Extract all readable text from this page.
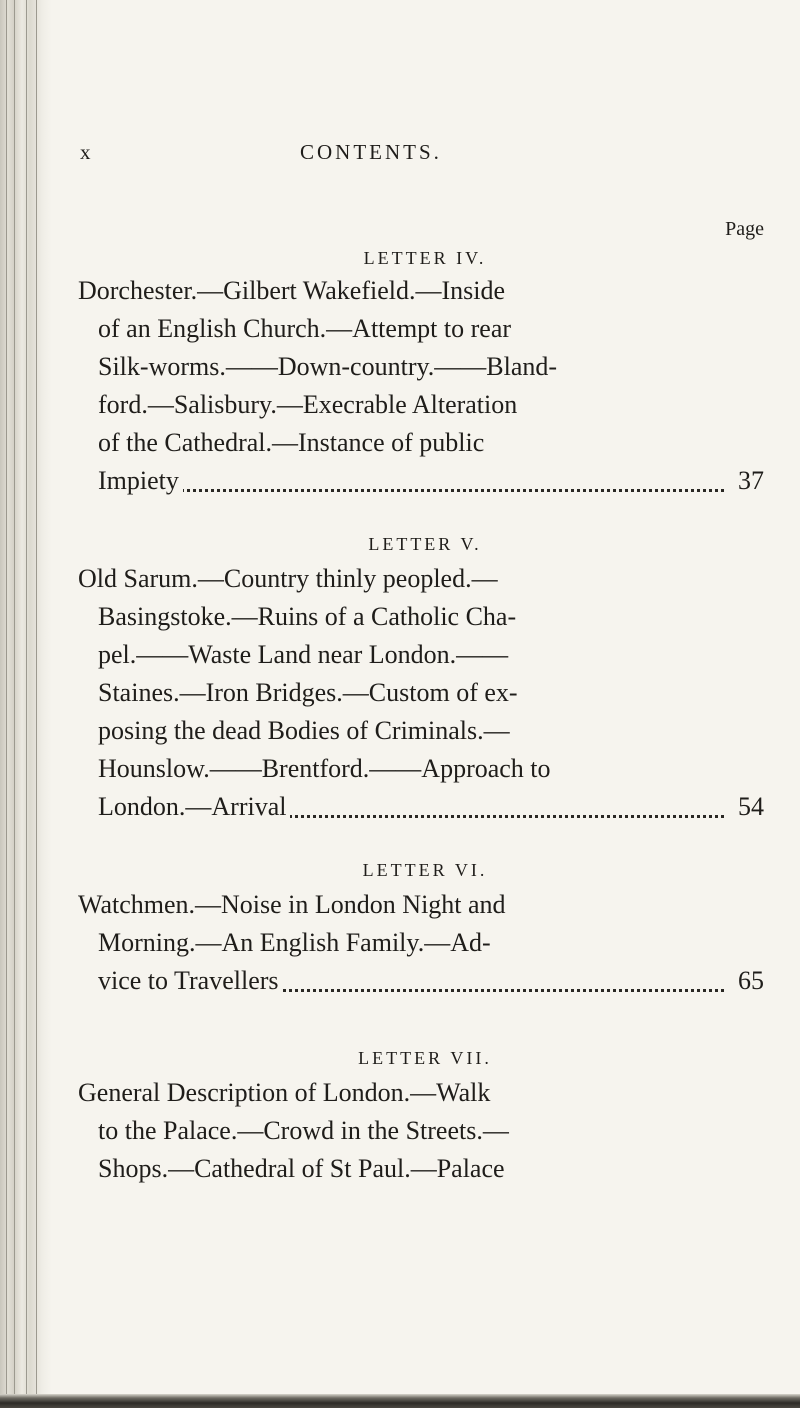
x	CONTENTS.
Page
LETTER IV.
Dorchester.—Gilbert Wakefield.—Inside
of an English Church.—Attempt to rear
Silk-worms.——Down-country.——Bland-
ford.—Salisbury.—Execrable Alteration
of the Cathedral.—Instance of public
Impiety	37
LETTER V.
Old Sarum.—Country thinly peopled.—
Basingstoke.—Ruins of a Catholic Cha-
pel.——Waste Land near London.——
Staines.—Iron Bridges.—Custom of ex-
posing the dead Bodies of Criminals.—
Hounslow.——Brentford.——Approach to
London.—Arrival	54
LETTER VI.
Watchmen.—Noise in London Night and
Morning.—An English Family.—Ad-
vice to Travellers	65
LETTER VII.
General Description of London.—Walk
to the Palace.—Crowd in the Streets.—
Shops.—Cathedral of St Paul.—Palace
